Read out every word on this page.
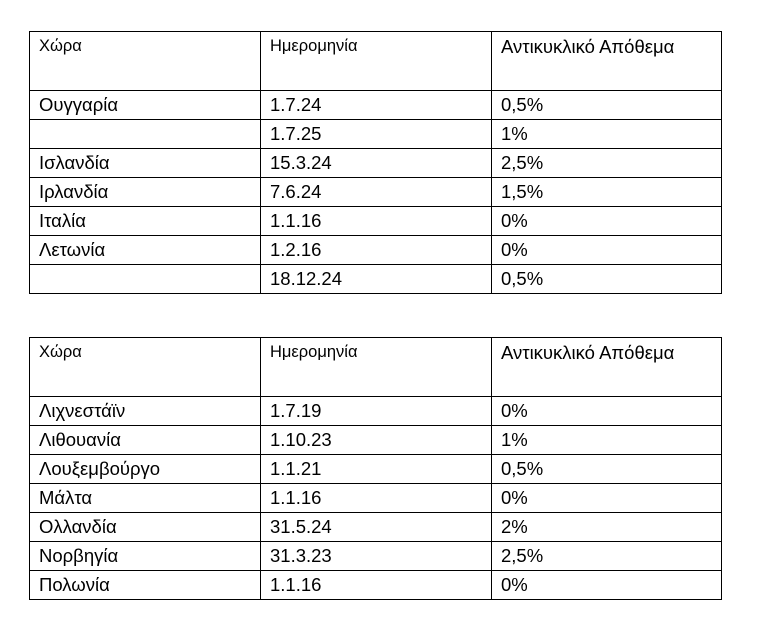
Χώρα	Ημερομηνία	Αντικυκλικό Απόθεμα
Ουγγαρία	1.7.24	0,5%
	1.7.25	1%
Ισλανδία	15.3.24	2,5%
Ιρλανδία	7.6.24	1,5%
Ιταλία	1.1.16	0%
Λετωνία	1.2.16	0%
	18.12.24	0,5%
Χώρα	Ημερομηνία	Αντικυκλικό Απόθεμα
Λιχνεστάϊν	1.7.19	0%
Λιθουανία	1.10.23	1%
Λουξεμβούργο	1.1.21	0,5%
Μάλτα	1.1.16	0%
Ολλανδία	31.5.24	2%
Νορβηγία	31.3.23	2,5%
Πολωνία	1.1.16	0%
